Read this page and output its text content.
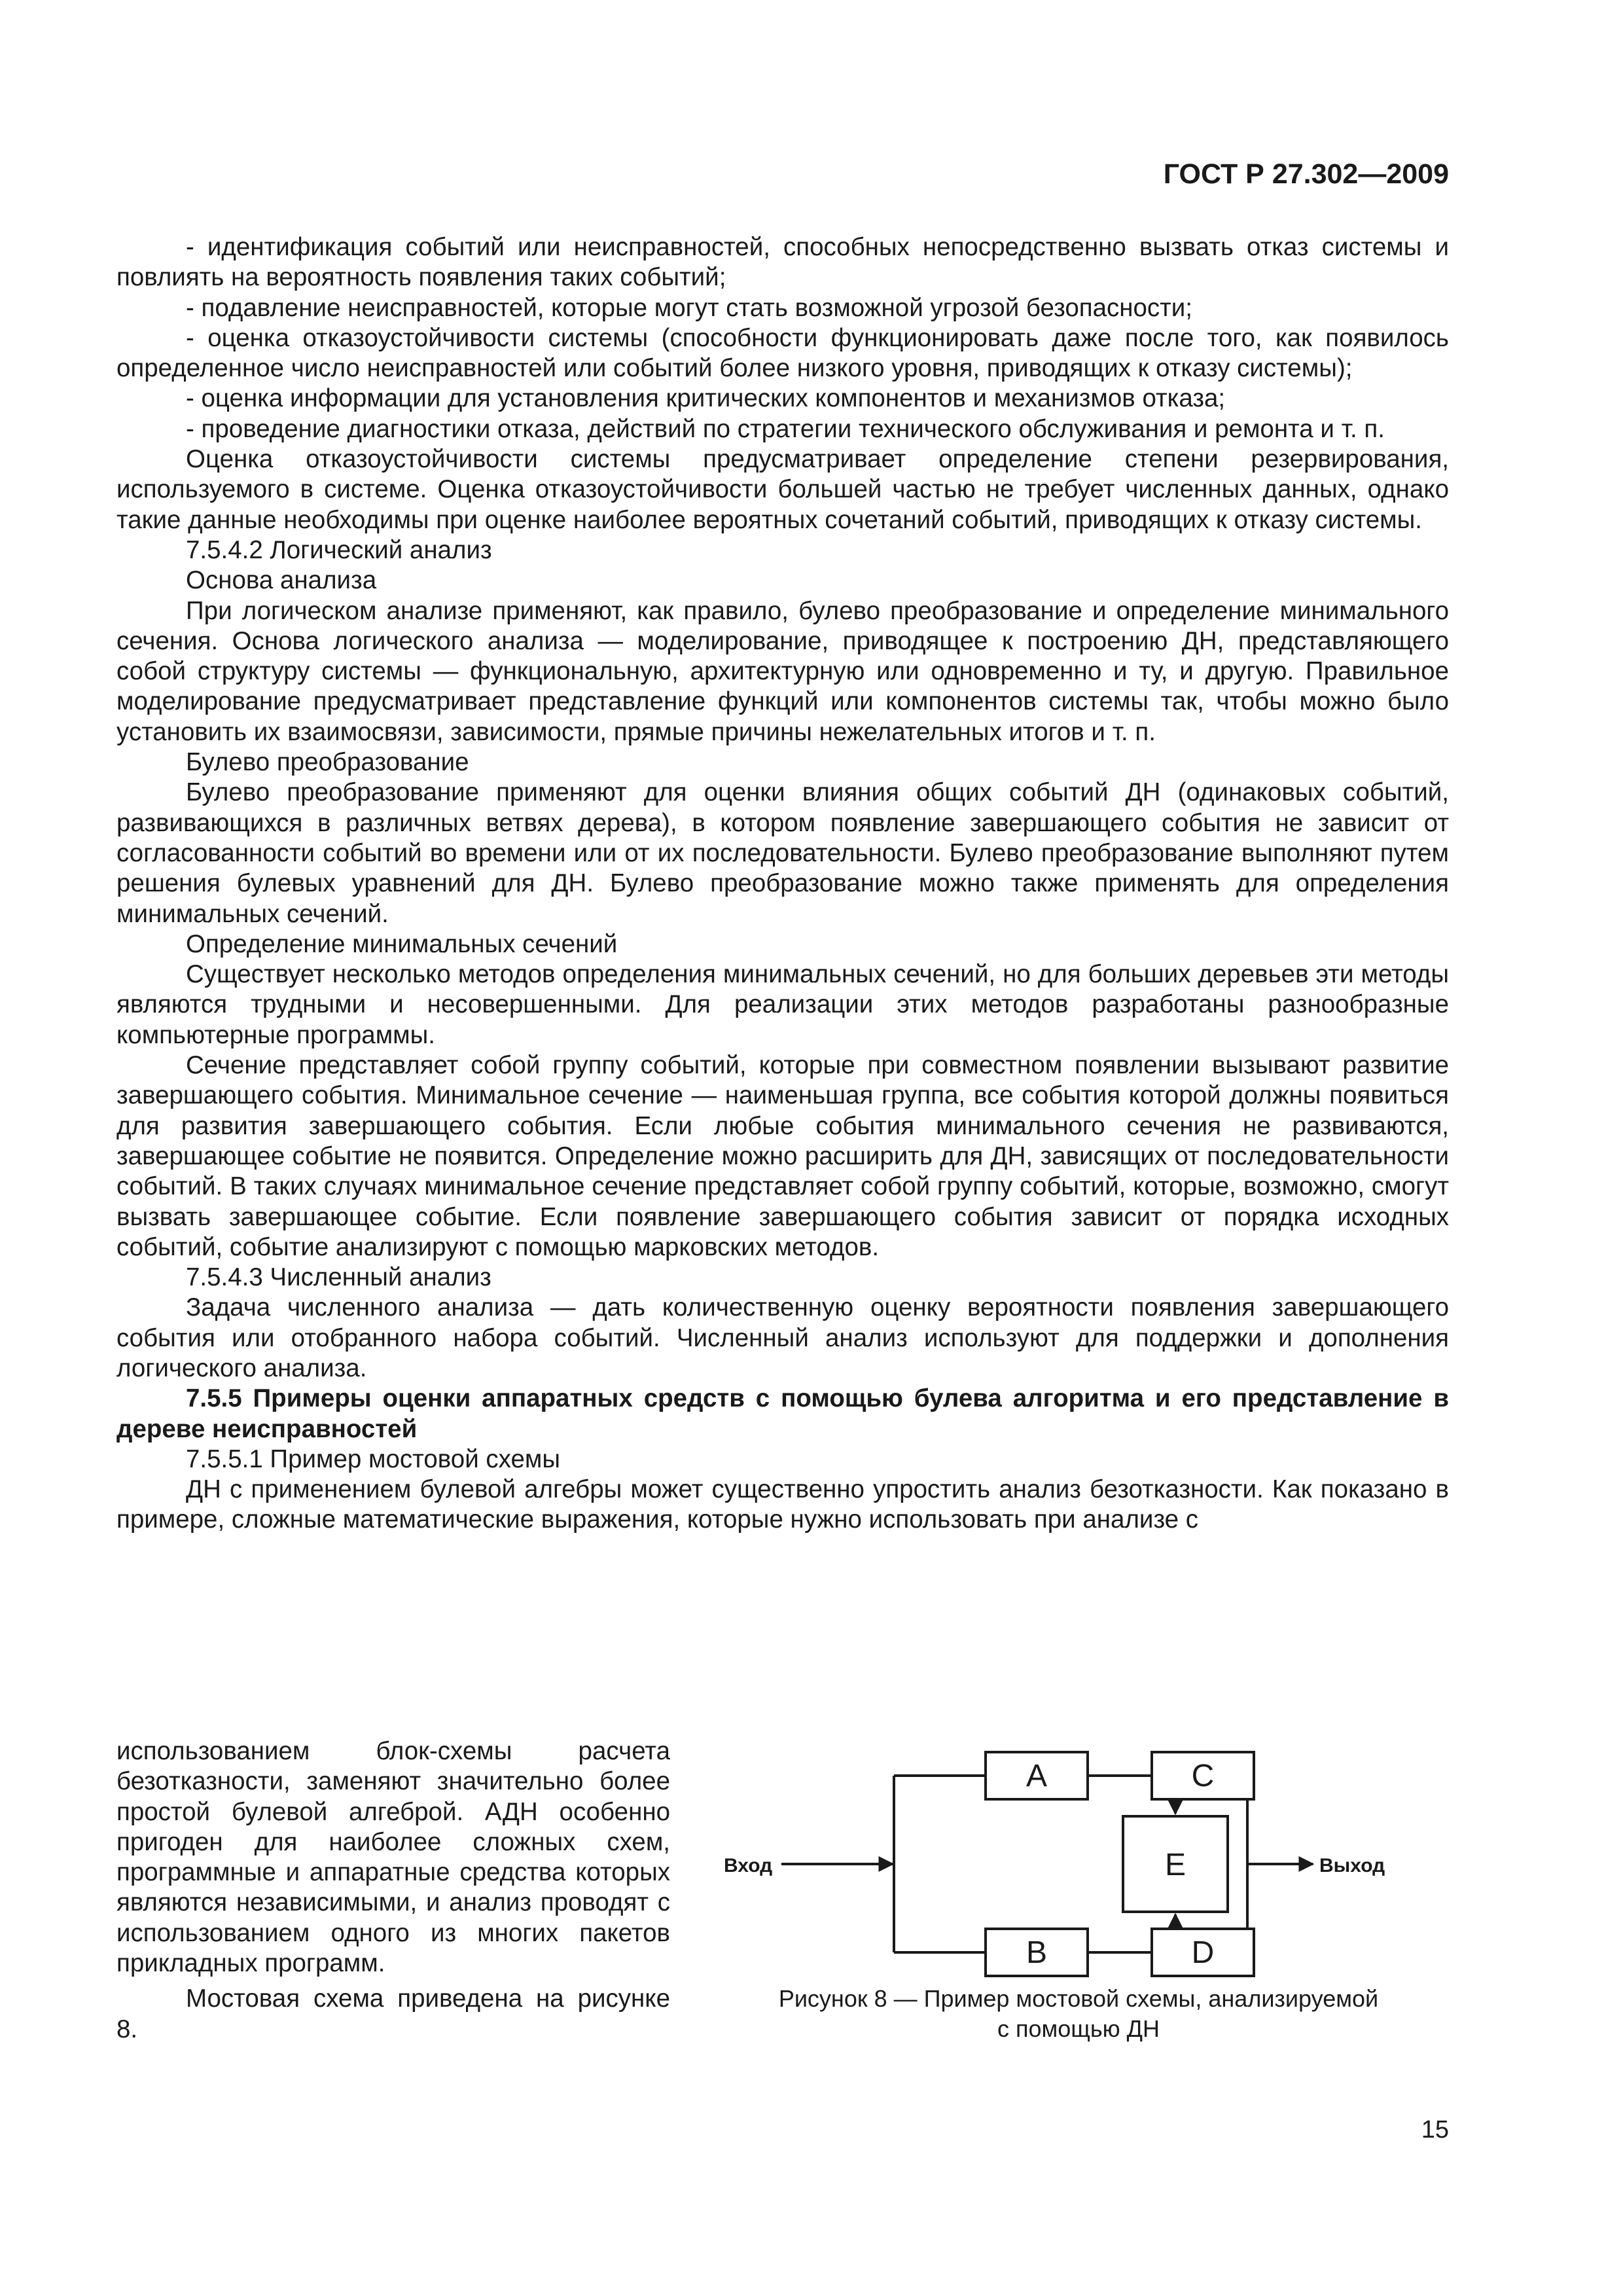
ГОСТ Р 27.302—2009

- идентификация событий или неисправностей, способных непосредственно вызвать отказ системы и повлиять на вероятность появления таких событий;

- подавление неисправностей, которые могут стать возможной угрозой безопасности;

- оценка отказоустойчивости системы (способности функционировать даже после того, как появилось определенное число неисправностей или событий более низкого уровня, приводящих к отказу системы);

- оценка информации для установления критических компонентов и механизмов отказа;

- проведение диагностики отказа, действий по стратегии технического обслуживания и ремонта и т. п.

Оценка отказоустойчивости системы предусматривает определение степени резервирования, используемого в системе. Оценка отказоустойчивости большей частью не требует численных данных, однако такие данные необходимы при оценке наиболее вероятных сочетаний событий, приводящих к отказу системы.

7.5.4.2 Логический анализ

Основа анализа

При логическом анализе применяют, как правило, булево преобразование и определение минимального сечения. Основа логического анализа — моделирование, приводящее к построению ДН, представляющего собой структуру системы — функциональную, архитектурную или одновременно и ту, и другую. Правильное моделирование предусматривает представление функций или компонентов системы так, чтобы можно было установить их взаимосвязи, зависимости, прямые причины нежелательных итогов и т. п.

Булево преобразование

Булево преобразование применяют для оценки влияния общих событий ДН (одинаковых событий, развивающихся в различных ветвях дерева), в котором появление завершающего события не зависит от согласованности событий во времени или от их последовательности. Булево преобразование выполняют путем решения булевых уравнений для ДН. Булево преобразование можно также применять для определения минимальных сечений.

Определение минимальных сечений

Существует несколько методов определения минимальных сечений, но для больших деревьев эти методы являются трудными и несовершенными. Для реализации этих методов разработаны разнообразные компьютерные программы.

Сечение представляет собой группу событий, которые при совместном появлении вызывают развитие завершающего события. Минимальное сечение — наименьшая группа, все события которой должны появиться для развития завершающего события. Если любые события минимального сечения не развиваются, завершающее событие не появится. Определение можно расширить для ДН, зависящих от последовательности событий. В таких случаях минимальное сечение представляет собой группу событий, которые, возможно, смогут вызвать завершающее событие. Если появление завершающего события зависит от порядка исходных событий, событие анализируют с помощью марковских методов.

7.5.4.3 Численный анализ

Задача численного анализа — дать количественную оценку вероятности появления завершающего события или отобранного набора событий. Численный анализ используют для поддержки и дополнения логического анализа.

7.5.5 Примеры оценки аппаратных средств с помощью булева алгоритма и его представление в дереве неисправностей

7.5.5.1 Пример мостовой схемы

ДН с применением булевой алгебры может существенно упростить анализ безотказности. Как показано в примере, сложные математические выражения, которые нужно использовать при анализе с

использованием блок-схемы расчета безотказности, заменяют значительно более простой булевой алгеброй. АДН особенно пригоден для наиболее сложных схем, программные и аппаратные средства которых являются независимыми, и анализ проводят с использованием одного из многих пакетов прикладных программ.

Мостовая схема приведена на рисунке 8.

A	C
B	D
E
Вход	Выход
Рисунок 8 — Пример мостовой схемы, анализируемой
с помощью ДН
15
